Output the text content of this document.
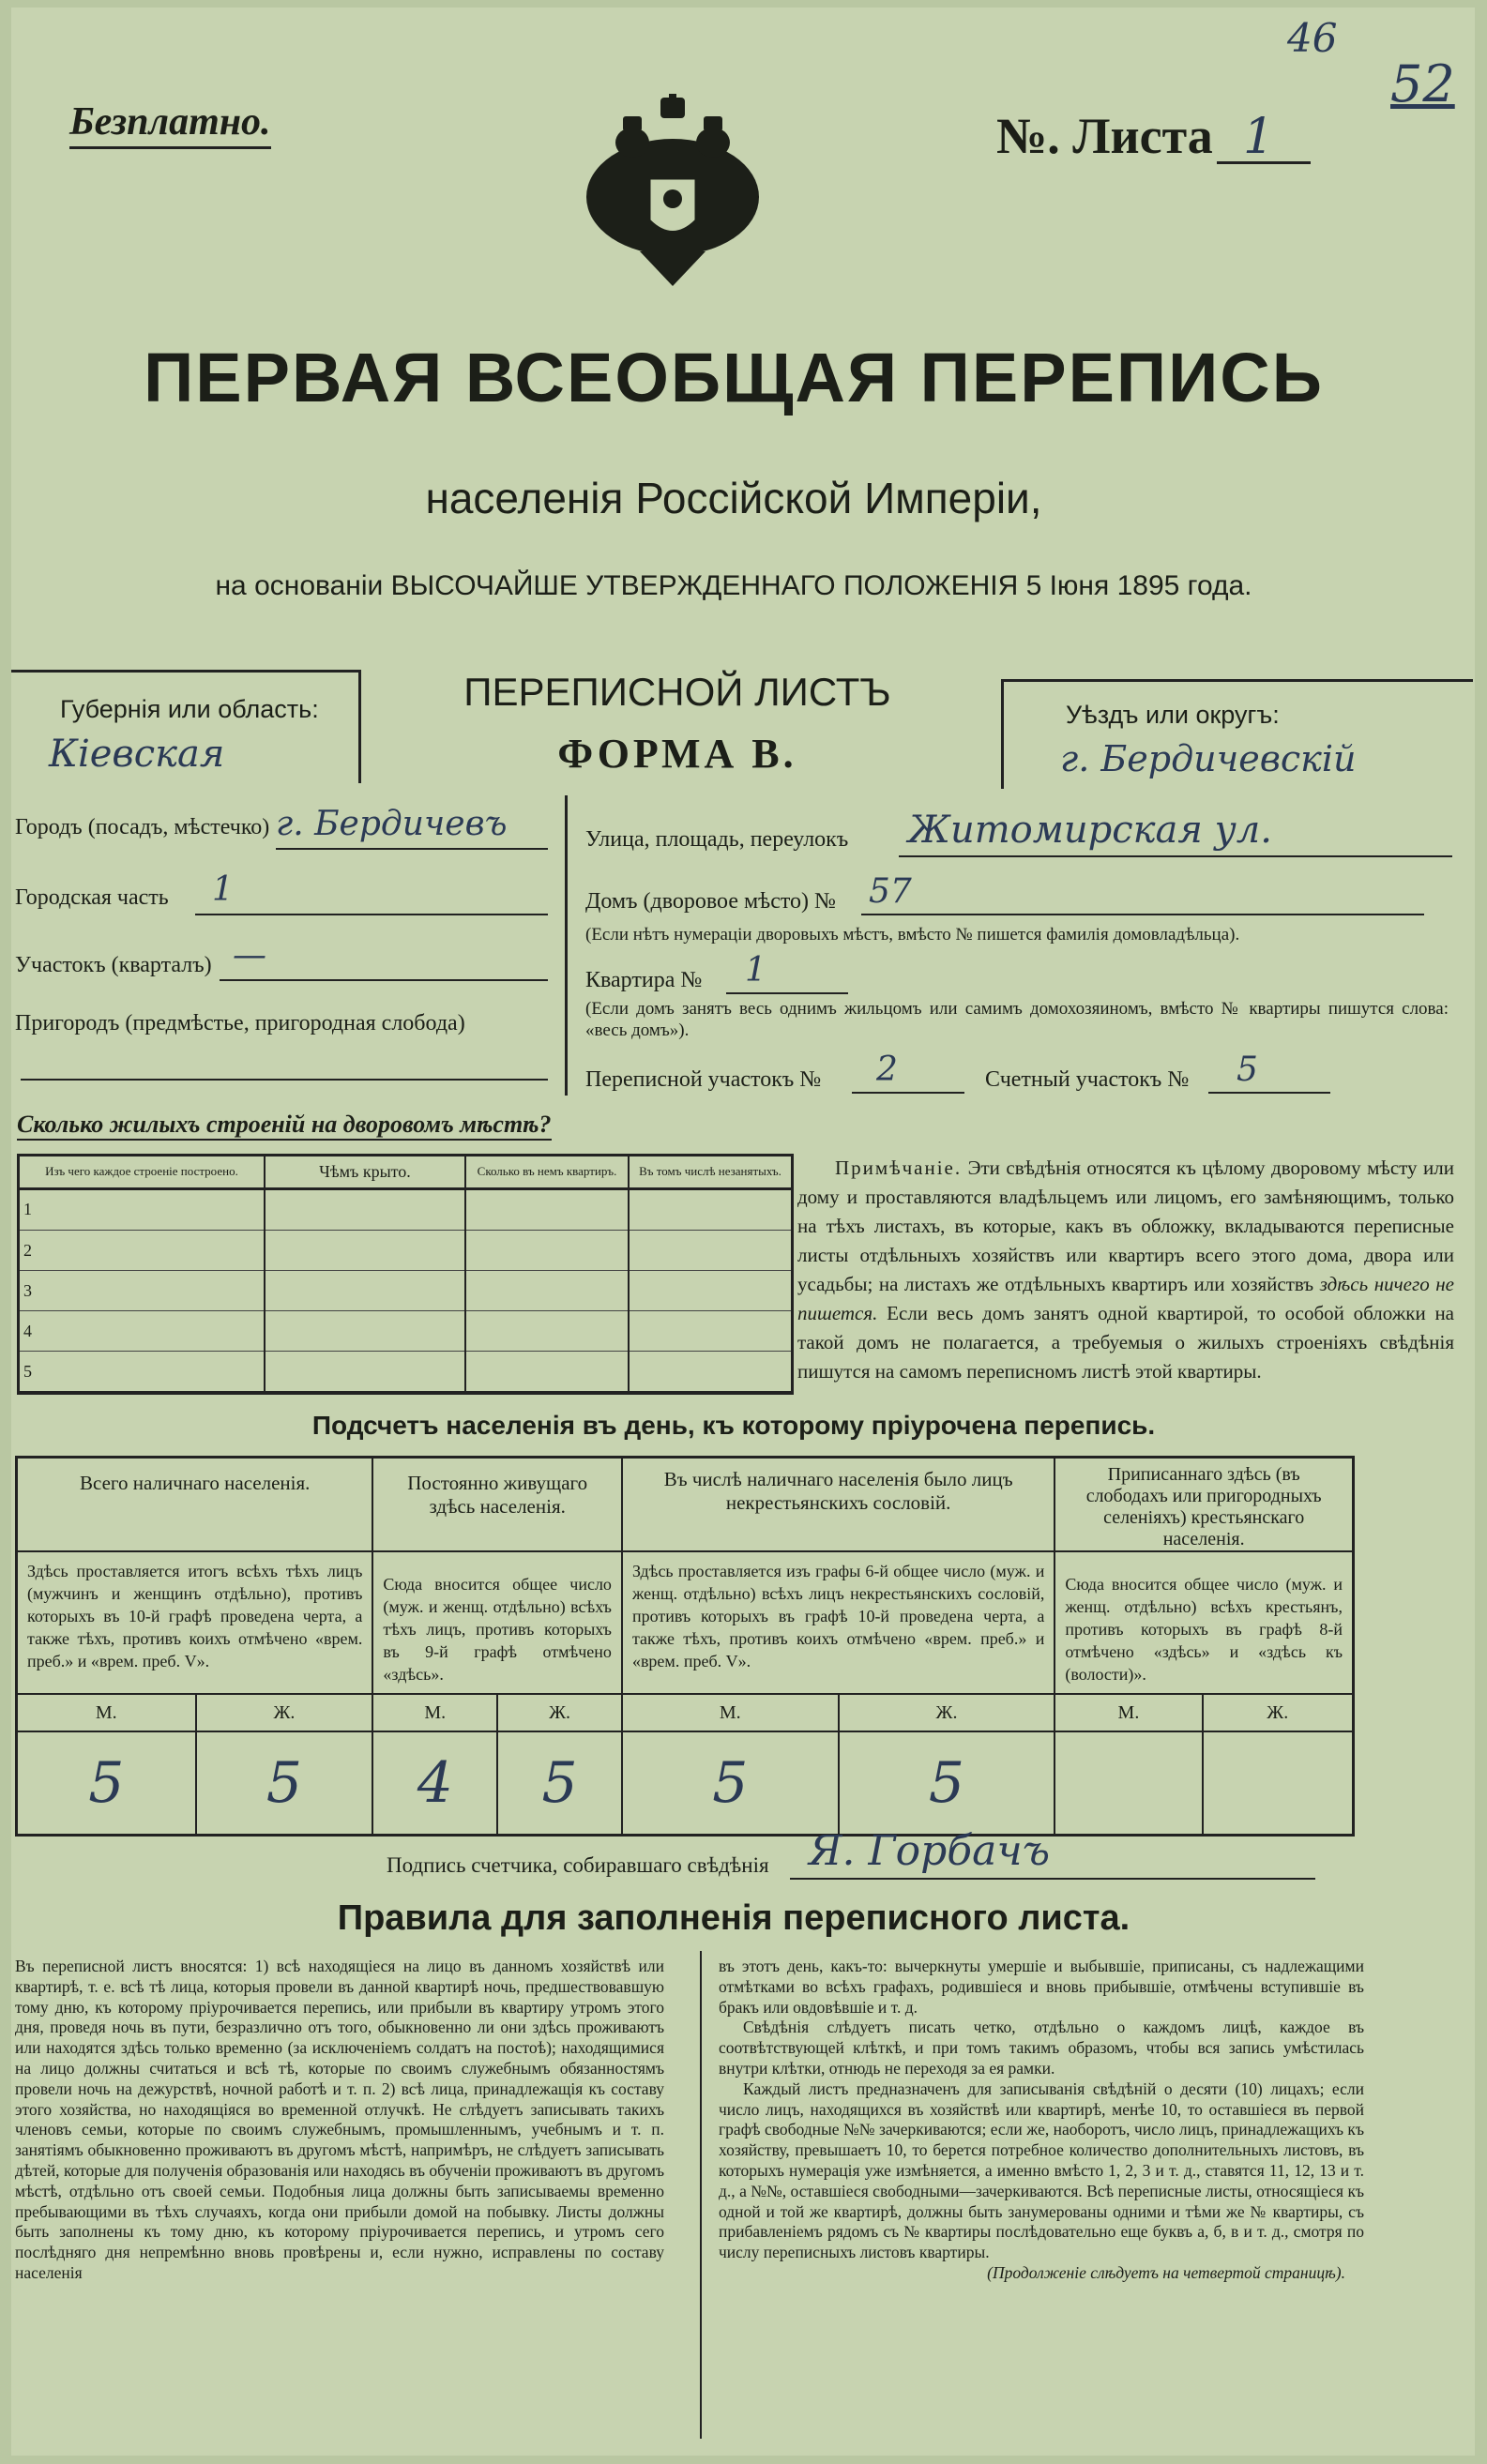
46
52
Безплатно.	№. Листа 1
ПЕРВАЯ ВСЕОБЩАЯ ПЕРЕПИСЬ
населенія Россійской Имперіи,
на основаніи ВЫСОЧАЙШЕ УТВЕРЖДЕННАГО ПОЛОЖЕНІЯ 5 Іюня 1895 года.
Губернія или область:
Кіевская
ПЕРЕПИСНОЙ ЛИСТЪ
ФОРМА В.
Уѣздъ или округъ:
г. Бердичевскій
Городъ (посадъ, мѣстечко) г. Бердичевъ
Городская часть	1
Участокъ (кварталъ) —
Пригородъ (предмѣстье, пригородная слобода)
Улица, площадь, переулокъ Житомирская ул.
Домъ (дворовое мѣсто) № 57
(Если нѣтъ нумераціи дворовыхъ мѣстъ, вмѣсто № пишется фамилія домовладѣльца).
Квартира №	1
(Если домъ занятъ весь однимъ жильцомъ или самимъ домохозяиномъ, вмѣсто № квартиры пишутся слова: «весь домъ»).
Переписной участокъ №	2	Счетный участокъ №	5
Сколько жилыхъ строеній на дворовомъ мѣстѣ?
Изъ чего каждое строеніе построено.	Чѣмъ крыто.	Сколько въ немъ квартиръ.	Въ томъ числѣ незанятыхъ.
1			
2			
3			
4			
5			
Примѣчаніе. Эти свѣдѣнія относятся къ цѣлому дворовому мѣсту или дому и проставляются владѣльцемъ или лицомъ, его замѣняющимъ, только на тѣхъ листахъ, въ которые, какъ въ обложку, вкладываются переписные листы отдѣльныхъ хозяйствъ или квартиръ всего этого дома, двора или усадьбы; на листахъ же отдѣльныхъ квартиръ или хозяйствъ здѣсь ничего не пишется. Если весь домъ занятъ одной квартирой, то особой обложки на такой домъ не полагается, а требуемыя о жилыхъ строеніяхъ свѣдѣнія пишутся на самомъ переписномъ листѣ этой квартиры.
Подсчетъ населенія въ день, къ которому пріурочена перепись.
Всего наличнаго населенія.		Постоянно живущаго здѣсь населенія.		Въ числѣ наличнаго населенія было лицъ некрестьянскихъ сословій.		Приписаннаго здѣсь (въ слободахъ или пригородныхъ селеніяхъ) крестьянскаго населенія.	
Здѣсь проставляется итогъ всѣхъ тѣхъ лицъ (мужчинъ и женщинъ отдѣльно), противъ которыхъ въ 10-й графѣ проведена черта, а также тѣхъ, противъ коихъ отмѣчено «врем. преб.» и «врем. преб. V».		Сюда вносится общее число (муж. и женщ. отдѣльно) всѣхъ тѣхъ лицъ, противъ которыхъ въ 9-й графѣ отмѣчено «здѣсь».		Здѣсь проставляется изъ графы 6-й общее число (муж. и женщ. отдѣльно) всѣхъ лицъ некрестьянскихъ сословій, противъ которыхъ въ графѣ 10-й проведена черта, а также тѣхъ, противъ коихъ отмѣчено «врем. преб.» и «врем. преб. V».		Сюда вносится общее число (муж. и женщ. отдѣльно) всѣхъ крестьянъ, противъ которыхъ въ графѣ 8-й отмѣчено «здѣсь» и «здѣсь къ (волости)».	
М.	Ж.	М.	Ж.	М.	Ж.	М.	Ж.
5	5	4	5	5	5		
Подпись счетчика, собиравшаго свѣдѣнія Я. Горбачъ
Правила для заполненія переписного листа.
Въ переписной листъ вносятся: 1) всѣ находящіеся на лицо въ данномъ хозяйствѣ или квартирѣ, т. е. всѣ тѣ лица, которыя провели въ данной квартирѣ ночь, предшествовавшую тому дню, къ которому пріурочивается перепись, или прибыли въ квартиру утромъ этого дня, проведя ночь въ пути, безразлично отъ того, обыкновенно ли они здѣсь проживаютъ или находятся здѣсь только временно (за исключеніемъ солдатъ на постоѣ); находящимися на лицо должны считаться и всѣ тѣ, которые по своимъ служебнымъ обязанностямъ провели ночь на дежурствѣ, ночной работѣ и т. п. 2) всѣ лица, принадлежащія къ составу этого хозяйства, но находящіяся во временной отлучкѣ. Не слѣдуетъ записывать такихъ членовъ семьи, которые по своимъ служебнымъ, промышленнымъ, учебнымъ и т. п. занятіямъ обыкновенно проживаютъ въ другомъ мѣстѣ, напримѣръ, не слѣдуетъ записывать дѣтей, которые для полученія образованія или находясь въ обученіи проживаютъ въ другомъ мѣстѣ, отдѣльно отъ своей семьи. Подобныя лица должны быть записываемы временно пребывающими въ тѣхъ случаяхъ, когда они прибыли домой на побывку. Листы должны быть заполнены къ тому дню, къ которому пріурочивается перепись, и утромъ сего послѣдняго дня непремѣнно вновь провѣрены и, если нужно, исправлены по составу населенія
въ этотъ день, какъ-то: вычеркнуты умершіе и выбывшіе, приписаны, съ надлежащими отмѣтками во всѣхъ графахъ, родившіеся и вновь прибывшіе, отмѣчены вступившіе въ бракъ или овдовѣвшіе и т. д.
Свѣдѣнія слѣдуетъ писать четко, отдѣльно о каждомъ лицѣ, каждое въ соотвѣтствующей клѣткѣ, и при томъ такимъ образомъ, чтобы вся запись умѣстилась внутри клѣтки, отнюдь не переходя за ея рамки.
Каждый листъ предназначенъ для записыванія свѣдѣній о десяти (10) лицахъ; если число лицъ, находящихся въ хозяйствѣ или квартирѣ, менѣе 10, то оставшіеся въ первой графѣ свободные №№ зачеркиваются; если же, наоборотъ, число лицъ, принадлежащихъ къ хозяйству, превышаетъ 10, то берется потребное количество дополнительныхъ листовъ, въ которыхъ нумерація уже измѣняется, а именно вмѣсто 1, 2, 3 и т. д., ставятся 11, 12, 13 и т. д., а №№, оставшіеся свободными—зачеркиваются. Всѣ переписные листы, относящіеся къ одной и той же квартирѣ, должны быть занумерованы одними и тѣми же № квартиры, съ прибавленіемъ рядомъ съ № квартиры послѣдовательно еще буквъ а, б, в и т. д., смотря по числу переписныхъ листовъ квартиры.
(Продолженіе слѣдуетъ на четвертой страницѣ).
